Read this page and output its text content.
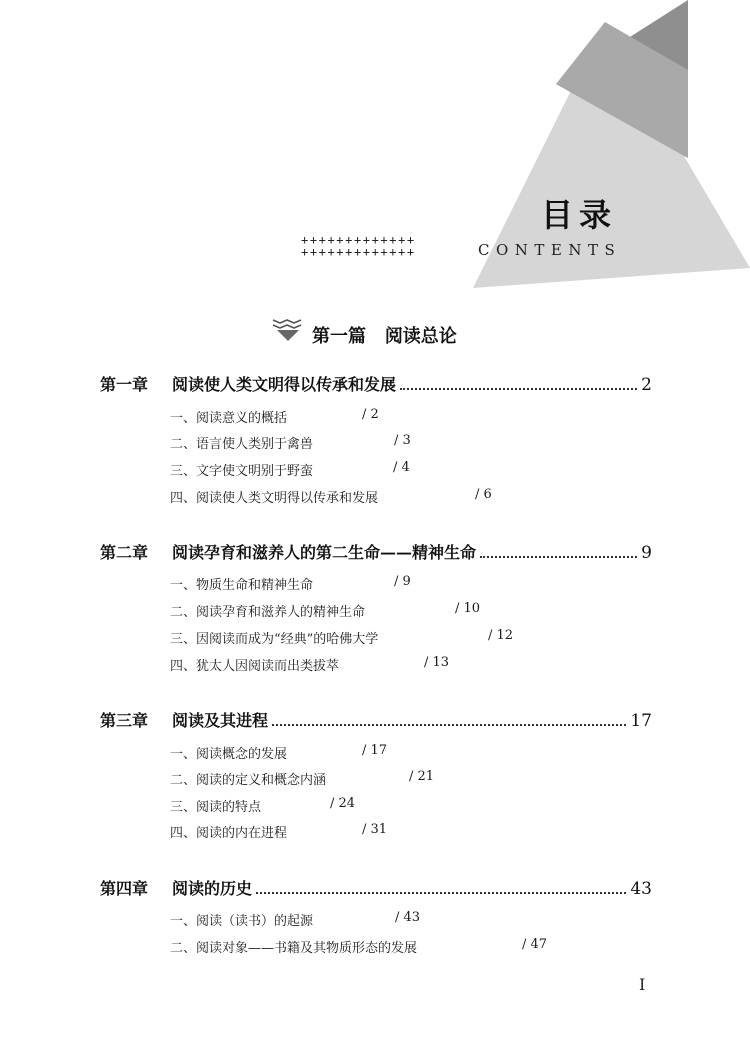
目录
+++++++++++++
+++++++++++++	CONTENTS
第一篇 阅读总论
第一章	阅读使人类文明得以传承和发展	2
一、阅读意义的概括	/ 2
二、语言使人类别于禽兽	/ 3
三、文字使文明别于野蛮	/ 4
四、阅读使人类文明得以传承和发展	/ 6
第二章	阅读孕育和滋养人的第二生命——精神生命	9
一、物质生命和精神生命	/ 9
二、阅读孕育和滋养人的精神生命	/ 10
三、因阅读而成为“经典”的哈佛大学	/ 12
四、犹太人因阅读而出类拔萃	/ 13
第三章	阅读及其进程	17
一、阅读概念的发展	/ 17
二、阅读的定义和概念内涵	/ 21
三、阅读的特点	/ 24
四、阅读的内在进程	/ 31
第四章	阅读的历史	43
一、阅读（读书）的起源	/ 43
二、阅读对象——书籍及其物质形态的发展	/ 47
I
